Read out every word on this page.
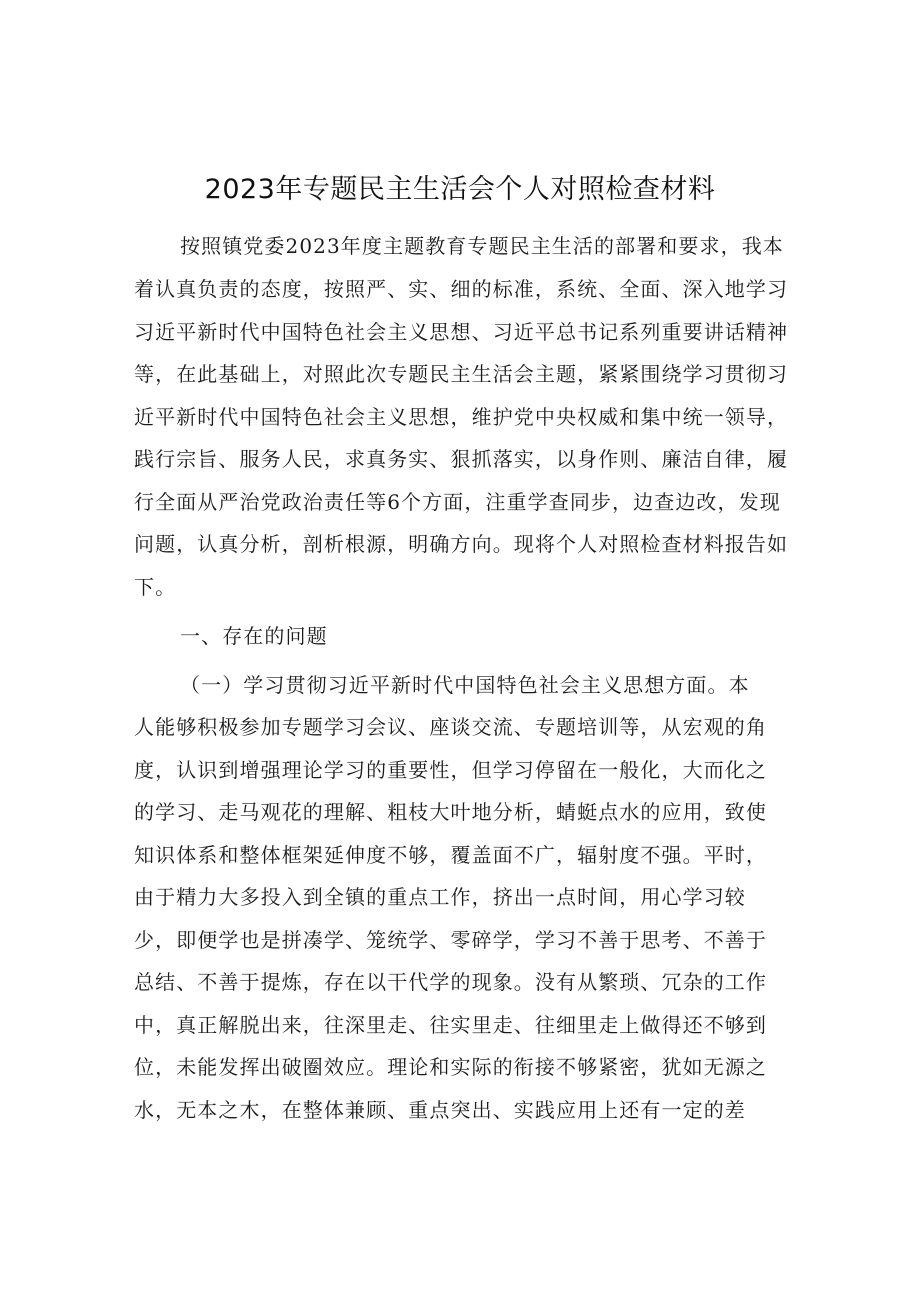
2023年专题民主生活会个人对照检查材料
按照镇党委2023年度主题教育专题民主生活的部署和要求，我本
着认真负责的态度，按照严、实、细的标准，系统、全面、深入地学习
习近平新时代中国特色社会主义思想、习近平总书记系列重要讲话精神
等，在此基础上，对照此次专题民主生活会主题，紧紧围绕学习贯彻习
近平新时代中国特色社会主义思想，维护党中央权威和集中统一领导，
践行宗旨、服务人民，求真务实、狠抓落实，以身作则、廉洁自律，履
行全面从严治党政治责任等6个方面，注重学查同步，边查边改，发现
问题，认真分析，剖析根源，明确方向。现将个人对照检查材料报告如
下。
一、存在的问题
（一）学习贯彻习近平新时代中国特色社会主义思想方面。本
人能够积极参加专题学习会议、座谈交流、专题培训等，从宏观的角
度，认识到增强理论学习的重要性，但学习停留在一般化，大而化之
的学习、走马观花的理解、粗枝大叶地分析，蜻蜓点水的应用，致使
知识体系和整体框架延伸度不够，覆盖面不广，辐射度不强。平时，
由于精力大多投入到全镇的重点工作，挤出一点时间，用心学习较
少，即便学也是拼凑学、笼统学、零碎学，学习不善于思考、不善于
总结、不善于提炼，存在以干代学的现象。没有从繁琐、冗杂的工作
中，真正解脱出来，往深里走、往实里走、往细里走上做得还不够到
位，未能发挥出破圈效应。理论和实际的衔接不够紧密，犹如无源之
水，无本之木，在整体兼顾、重点突出、实践应用上还有一定的差
